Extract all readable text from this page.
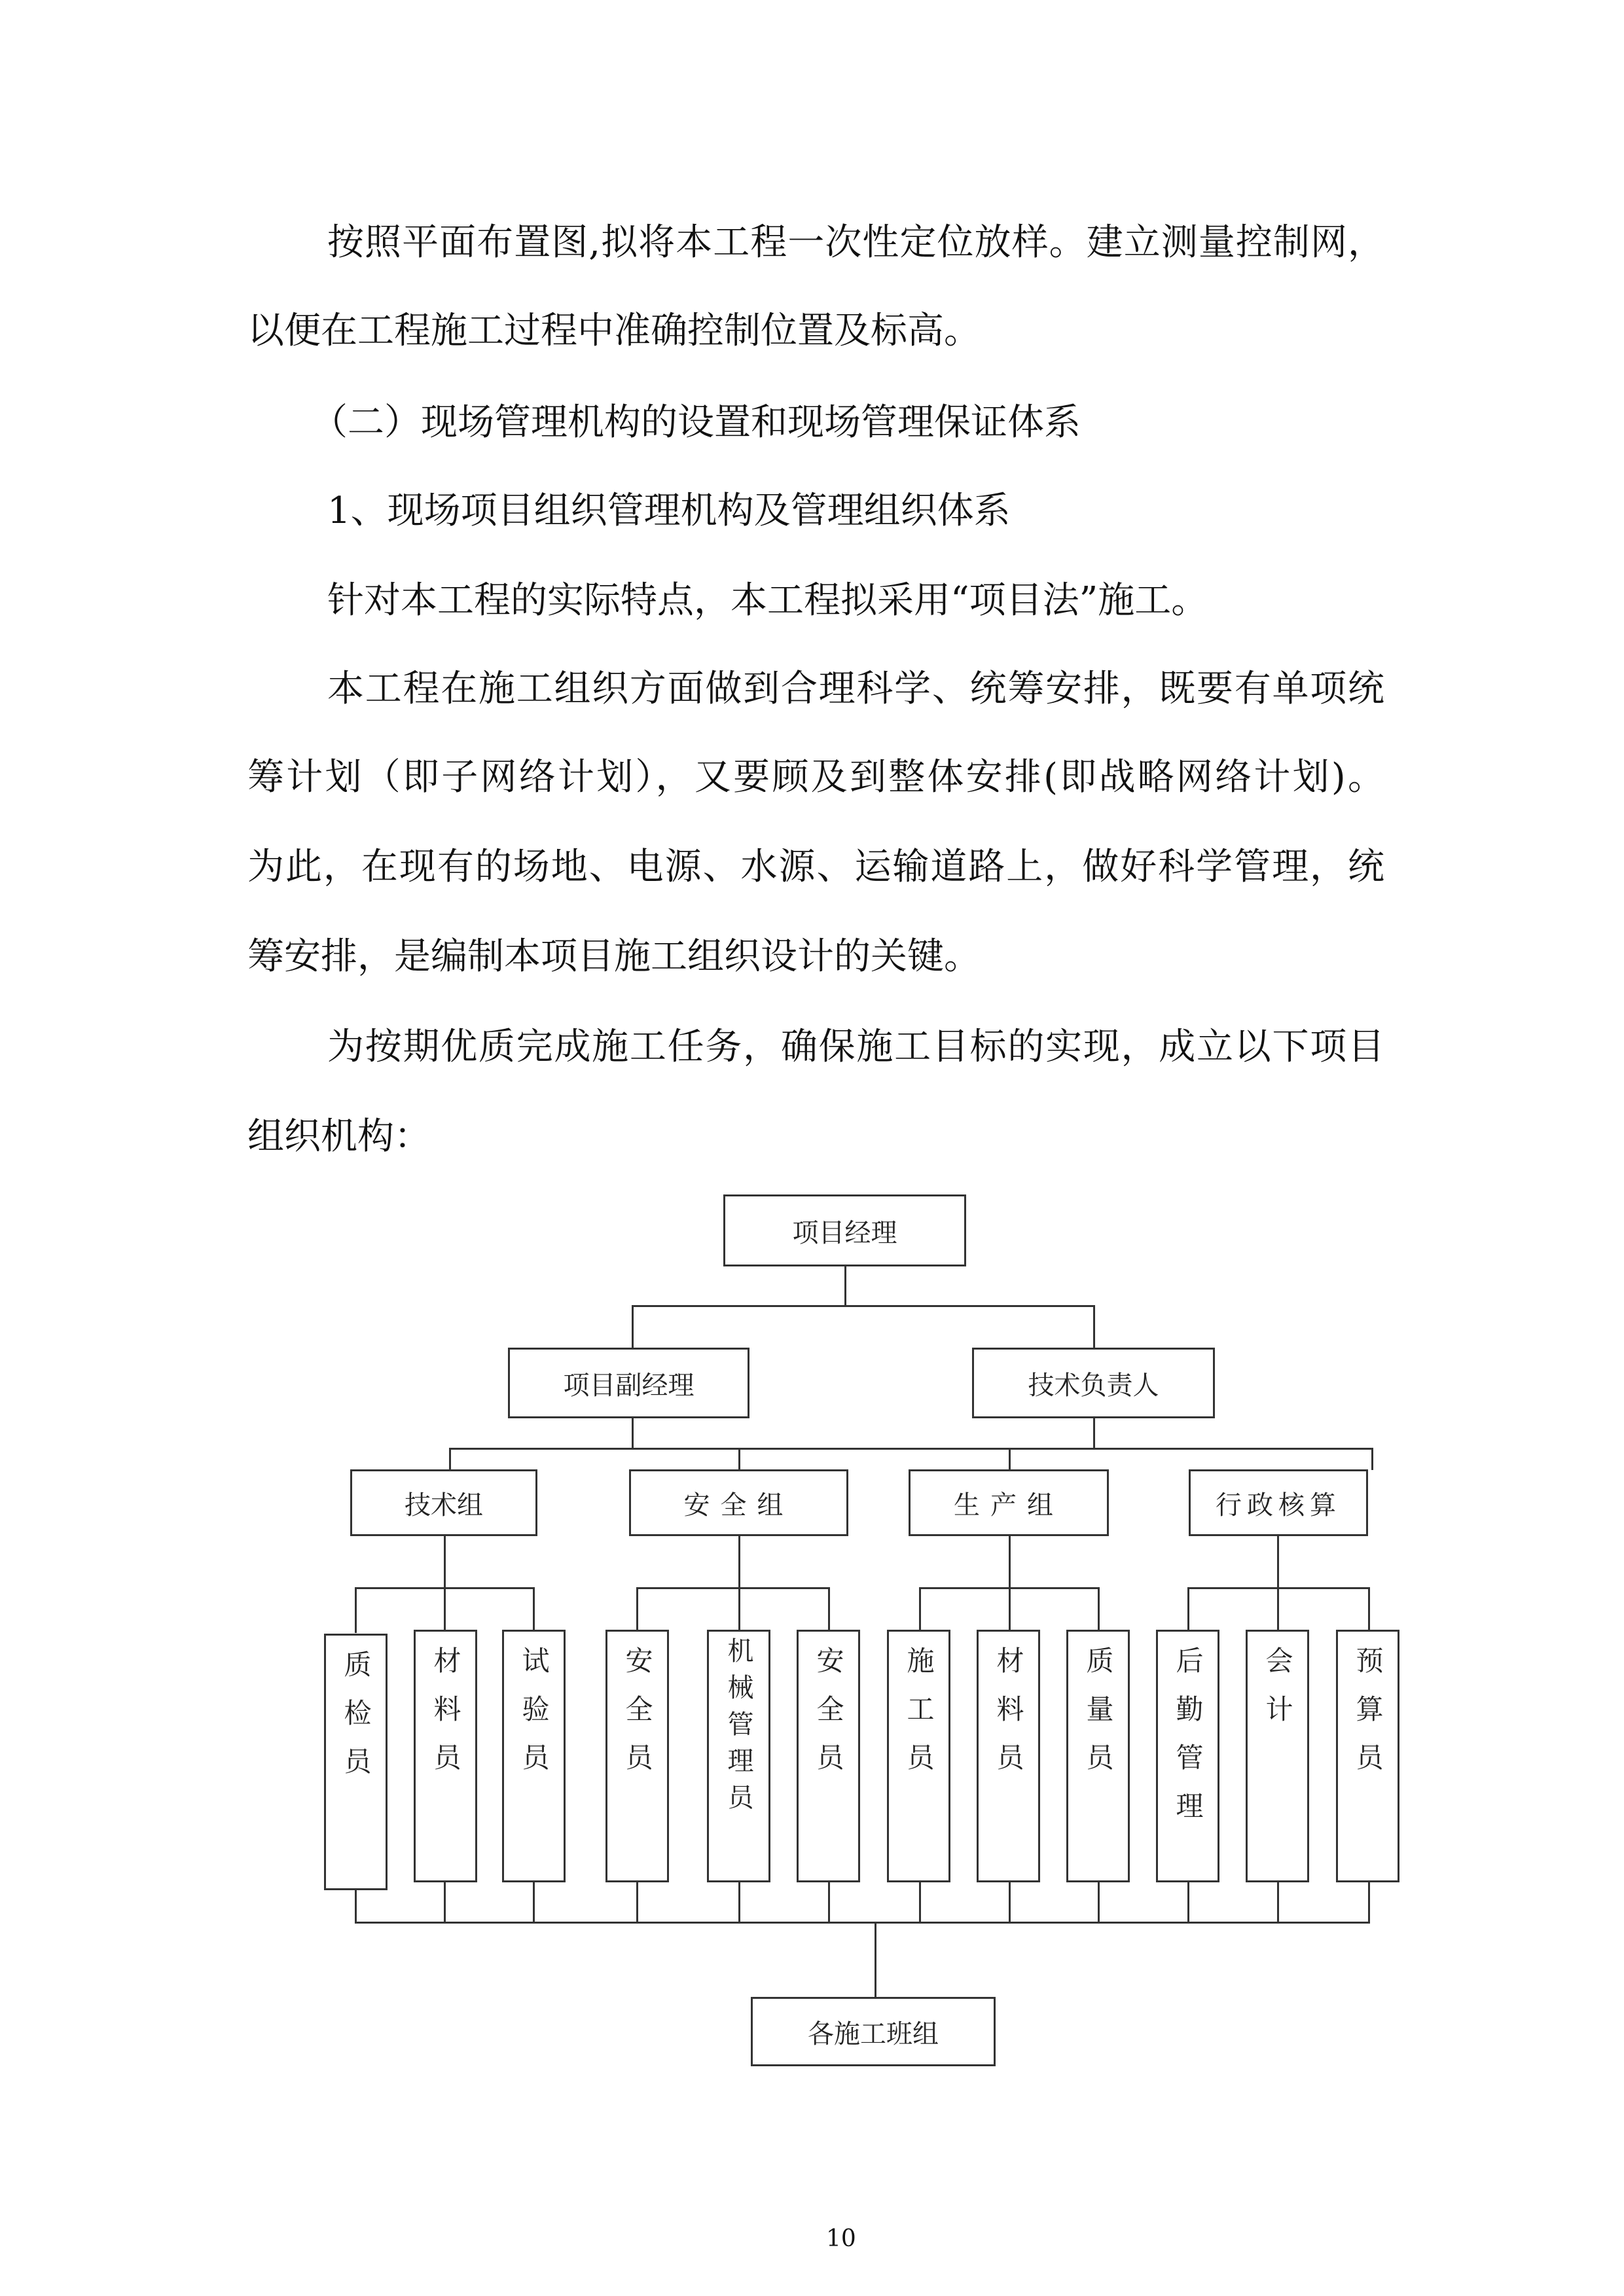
按照平面布置图,拟将本工程一次性定位放样。建立测量控制网，
以便在工程施工过程中准确控制位置及标高。
（二）现场管理机构的设置和现场管理保证体系
1、现场项目组织管理机构及管理组织体系
针对本工程的实际特点，本工程拟采用“项目法”施工。
本工程在施工组织方面做到合理科学、统筹安排，既要有单项统
筹计划（即子网络计划），又要顾及到整体安排(即战略网络计划)。
为此，在现有的场地、电源、水源、运输道路上，做好科学管理，统
筹安排，是编制本项目施工组织设计的关键。
为按期优质完成施工任务，确保施工目标的实现，成立以下项目
组织机构：
项目经理
项目副经理	技术负责人
技术组	安全组	生产组	行政核算
质检员 材料员 试验员	安全员	机械管理员 安全员 施工员 材料员 质量员 后勤管理 会计 预算员
各施工班组
10
